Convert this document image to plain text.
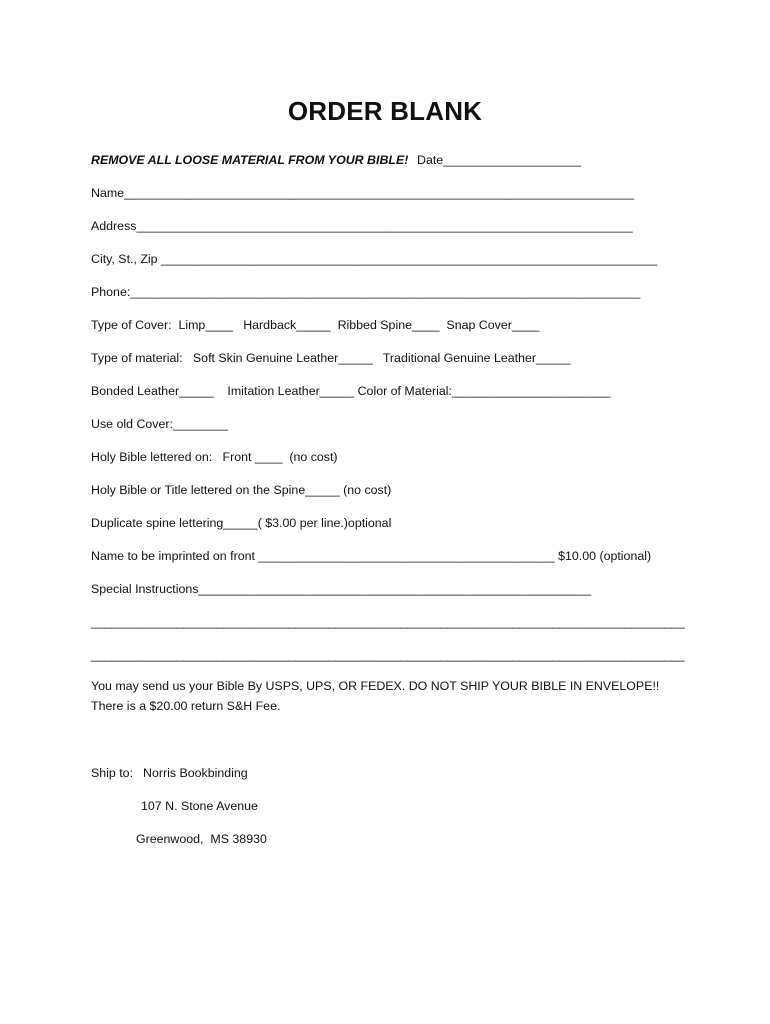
ORDER BLANK
REMOVE ALL LOOSE MATERIAL FROM YOUR BIBLE! Date____________________
Name__________________________________________________________________________
Address________________________________________________________________________
City, St., Zip ________________________________________________________________________
Phone:__________________________________________________________________________
Type of Cover:  Limp____   Hardback_____  Ribbed Spine____  Snap Cover____
Type of material:   Soft Skin Genuine Leather_____   Traditional Genuine Leather_____
Bonded Leather_____    Imitation Leather_____ Color of Material:_______________________
Use old Cover:________
Holy Bible lettered on:   Front ____  (no cost)
Holy Bible or Title lettered on the Spine_____ (no cost)
Duplicate spine lettering_____( $3.00 per line.)optional
Name to be imprinted on front ___________________________________________ $10.00 (optional)
Special Instructions_________________________________________________________
__________________________________________________________________________________________
__________________________________________________________________________________________
You may send us your Bible By USPS, UPS, OR FEDEX. DO NOT SHIP YOUR BIBLE IN ENVELOPE!! There is a $20.00 return S&H Fee.
Ship to: Norris Bookbinding
107 N. Stone Avenue
Greenwood,  MS 38930
